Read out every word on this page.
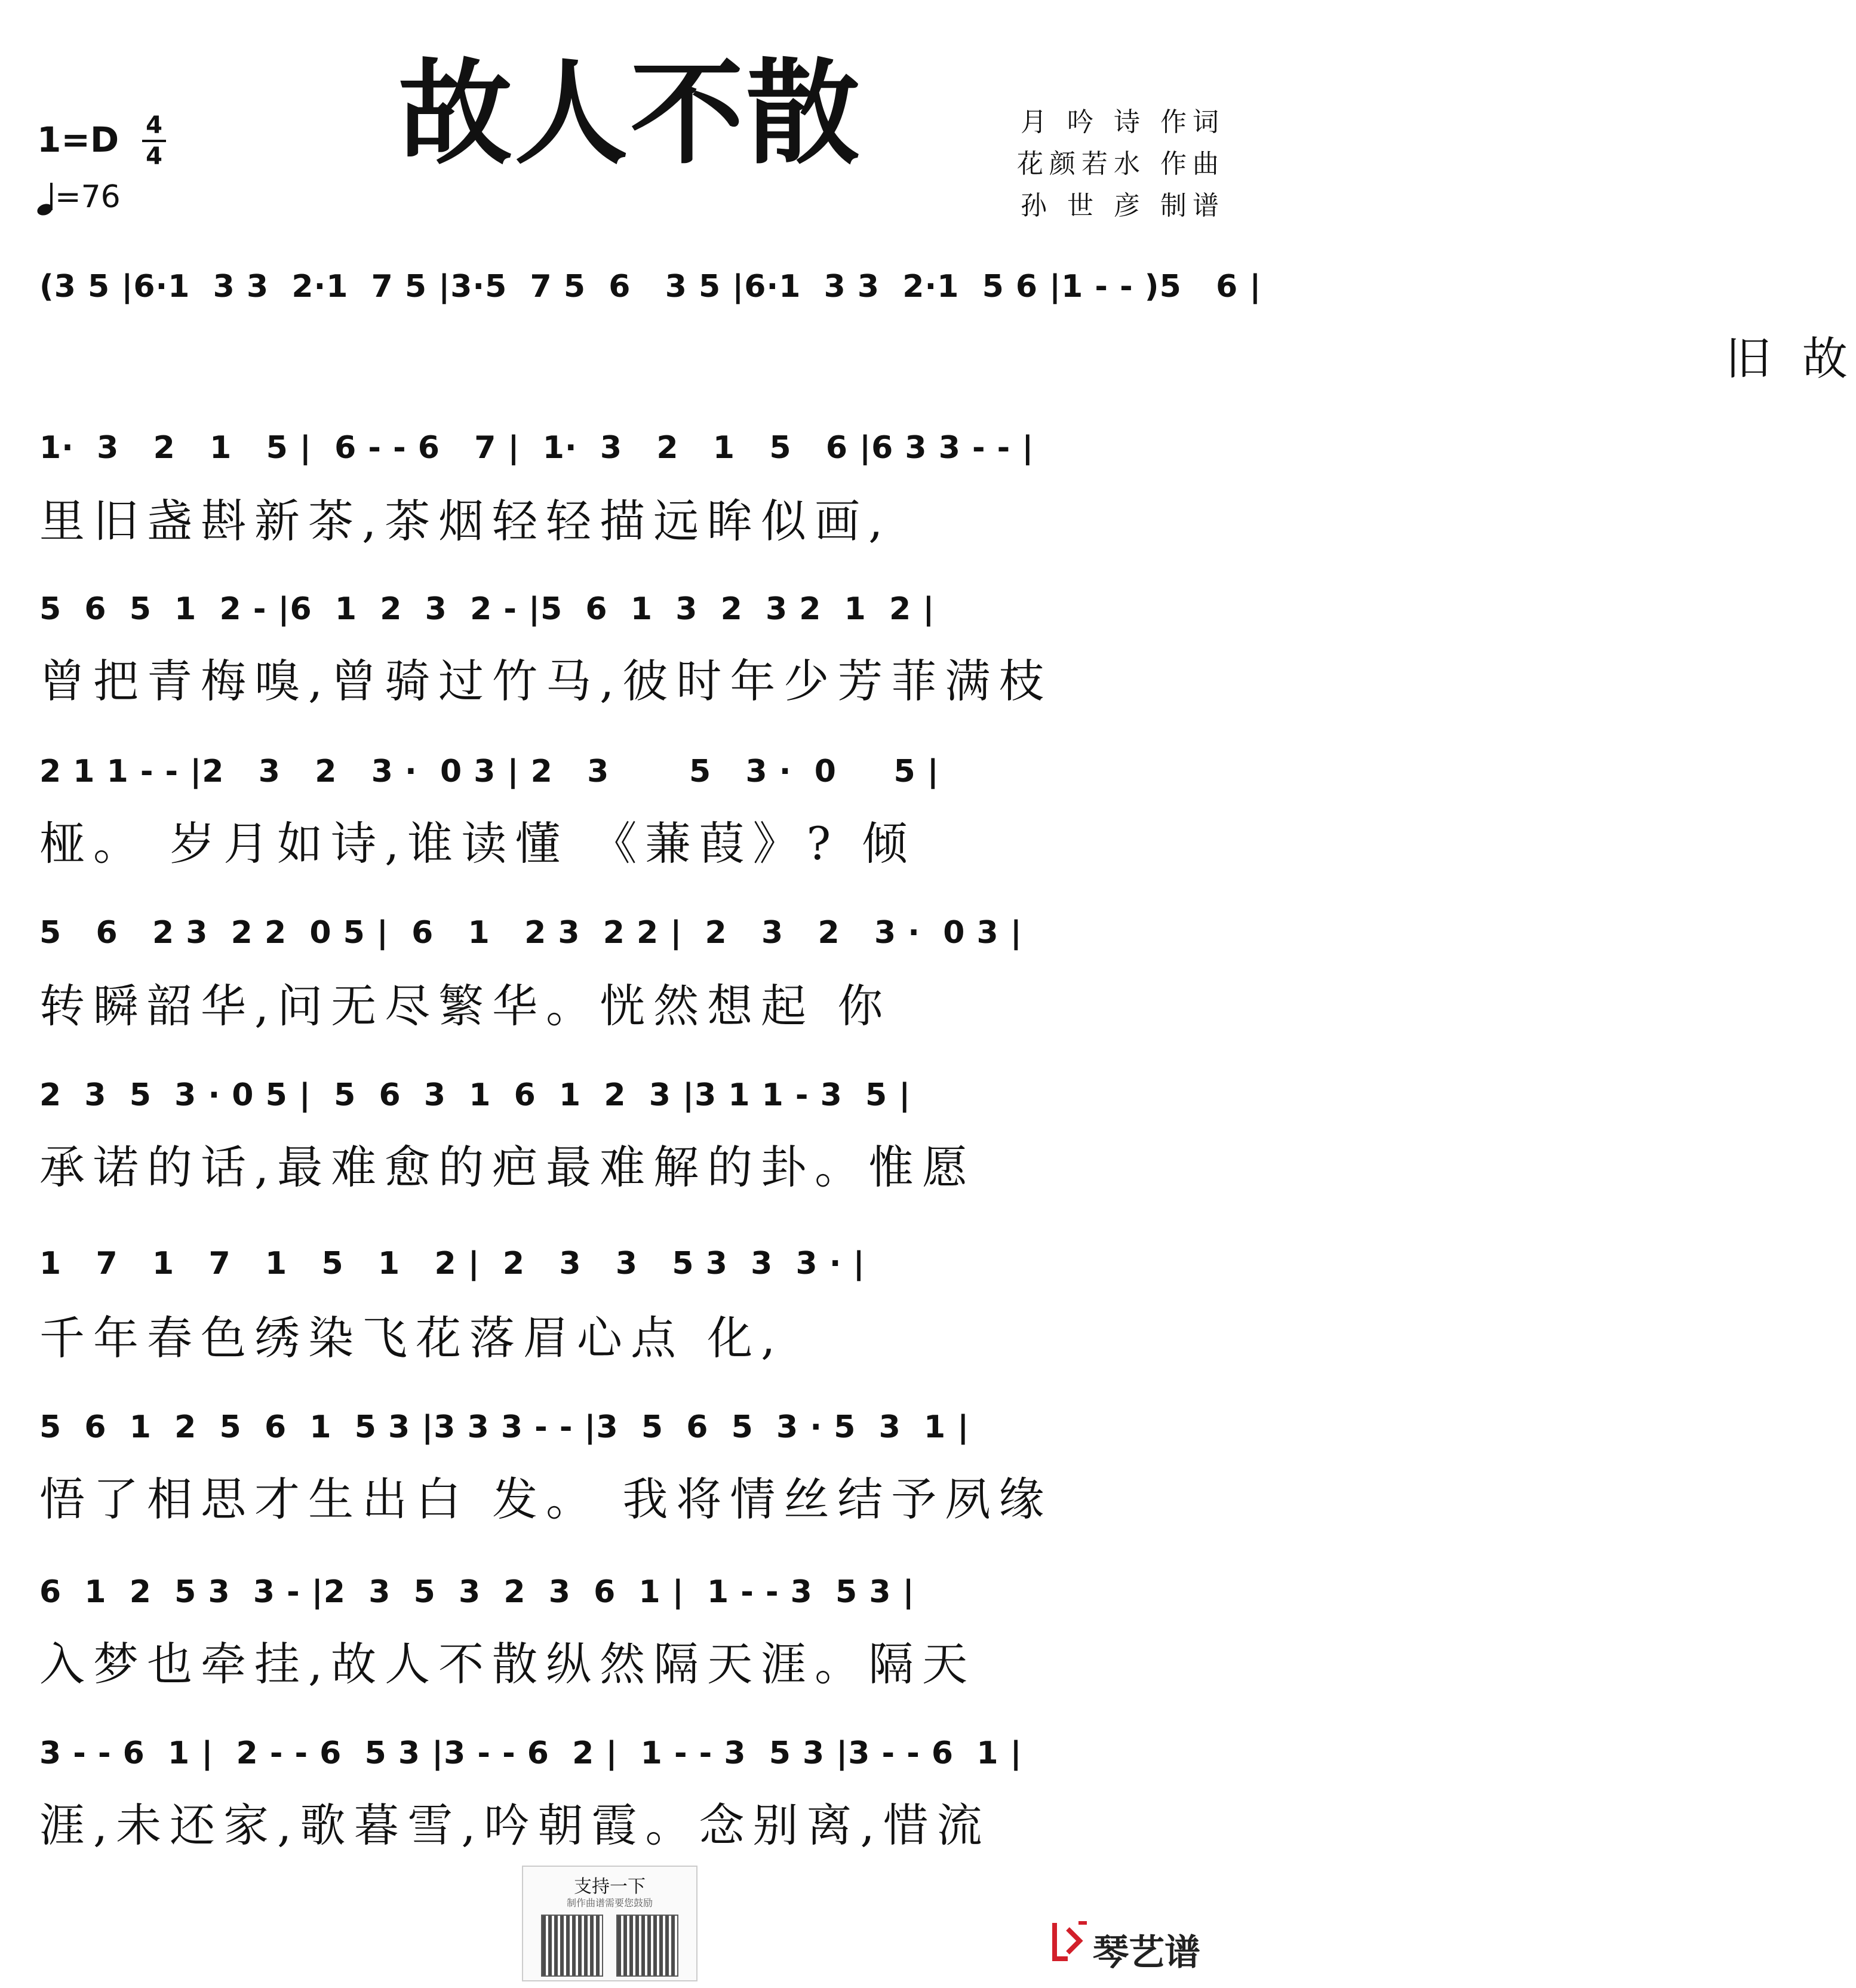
故人不散
1=D 4
4
=76
月 吟 诗 作词
花颜若水 作曲
孙 世 彦 制谱
(3 5 |6·1  3 3  2·1  7 5 |3·5  7 5  6   3 5 |6·1  3 3  2·1  5 6 |1 - - )5   6 |
旧 故
1·  3   2   1   5 |  6 - - 6   7 |  1·  3   2   1   5   6 |6 3 3 - - |
里旧盏斟新茶,茶烟轻轻描远眸似画,
5  6  5  1  2 - |6  1  2  3  2 - |5  6  1  3  2  3 2  1  2 |
曾把青梅嗅,曾骑过竹马,彼时年少芳菲满枝
2 1 1 - - |2   3   2   3 ·  0 3 | 2   3       5   3 ·  0     5 |
桠。 岁月如诗,谁读懂 《蒹葭》? 倾
5   6   2 3  2 2  0 5 |  6   1   2 3  2 2 |  2   3   2   3 ·  0 3 |
转瞬韶华,问无尽繁华。恍然想起 你
2  3  5  3 · 0 5 |  5  6  3  1  6  1  2  3 |3 1 1 - 3  5 |
承诺的话,最难愈的疤最难解的卦。惟愿
1   7   1   7   1   5   1   2 |  2   3   3   5 3  3  3 · |
千年春色绣染飞花落眉心点 化,
5  6  1  2  5  6  1  5 3 |3 3 3 - - |3  5  6  5  3 · 5  3  1 |
悟了相思才生出白 发。 我将情丝结予夙缘
6  1  2  5 3  3 - |2  3  5  3  2  3  6  1 |  1 - - 3  5 3 |
入梦也牵挂,故人不散纵然隔天涯。隔天
3 - - 6  1 |  2 - - 6  5 3 |3 - - 6  2 |  1 - - 3  5 3 |3 - - 6  1 |
涯,未还家,歌暮雪,吟朝霞。念别离,惜流
支持一下
制作曲谱需要您鼓励
琴艺谱
